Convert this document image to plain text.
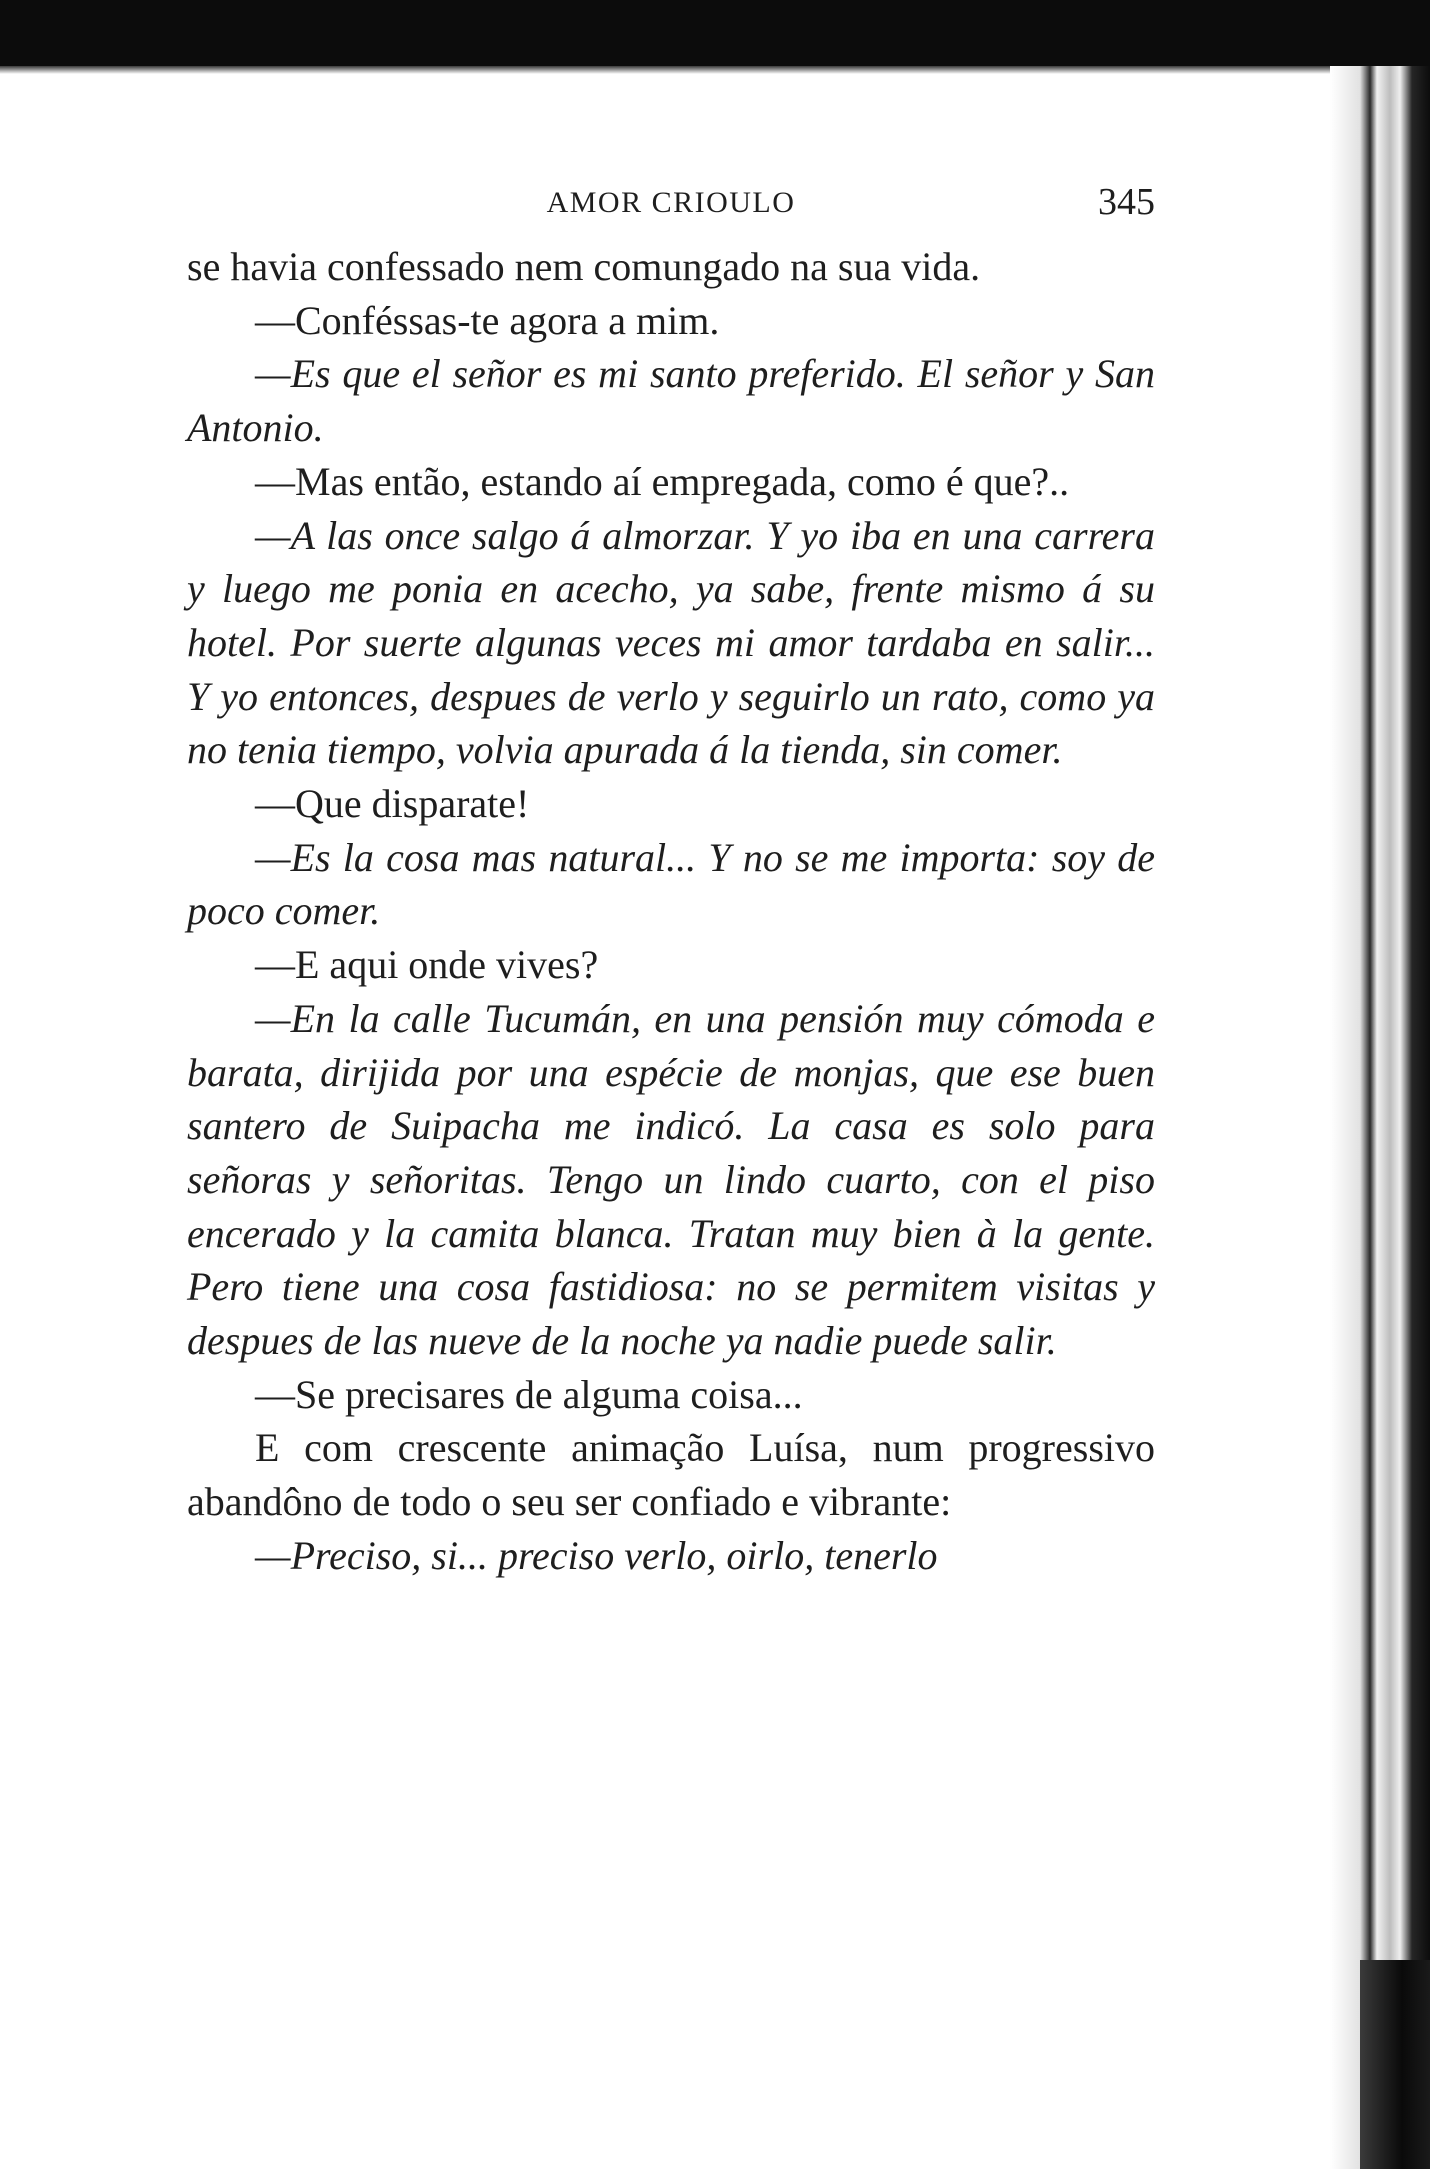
AMOR CRIOULO	345

se havia confessado nem comungado na sua vida.

—Conféssas-te agora a mim.

—Es que el señor es mi santo preferido. El señor y San Antonio.

—Mas então, estando aí empregada, como é que?..

—A las once salgo á almorzar. Y yo iba en una carrera y luego me ponia en acecho, ya sabe, frente mismo á su hotel. Por suerte algunas veces mi amor tardaba en salir... Y yo entonces, despues de verlo y seguirlo un rato, como ya no tenia tiempo, volvia apurada á la tienda, sin comer.

—Que disparate!

—Es la cosa mas natural... Y no se me importa: soy de poco comer.

—E aqui onde vives?

—En la calle Tucumán, en una pensión muy cómoda e barata, dirijida por una espécie de monjas, que ese buen santero de Suipacha me indicó. La casa es solo para señoras y señoritas. Tengo un lindo cuarto, con el piso encerado y la camita blanca. Tratan muy bien à la gente. Pero tiene una cosa fastidiosa: no se permitem visitas y despues de las nueve de la noche ya nadie puede salir.

—Se precisares de alguma coisa...

E com crescente animação Luísa, num progressivo abandôno de todo o seu ser confiado e vibrante:

—Preciso, si... preciso verlo, oirlo, tenerlo
